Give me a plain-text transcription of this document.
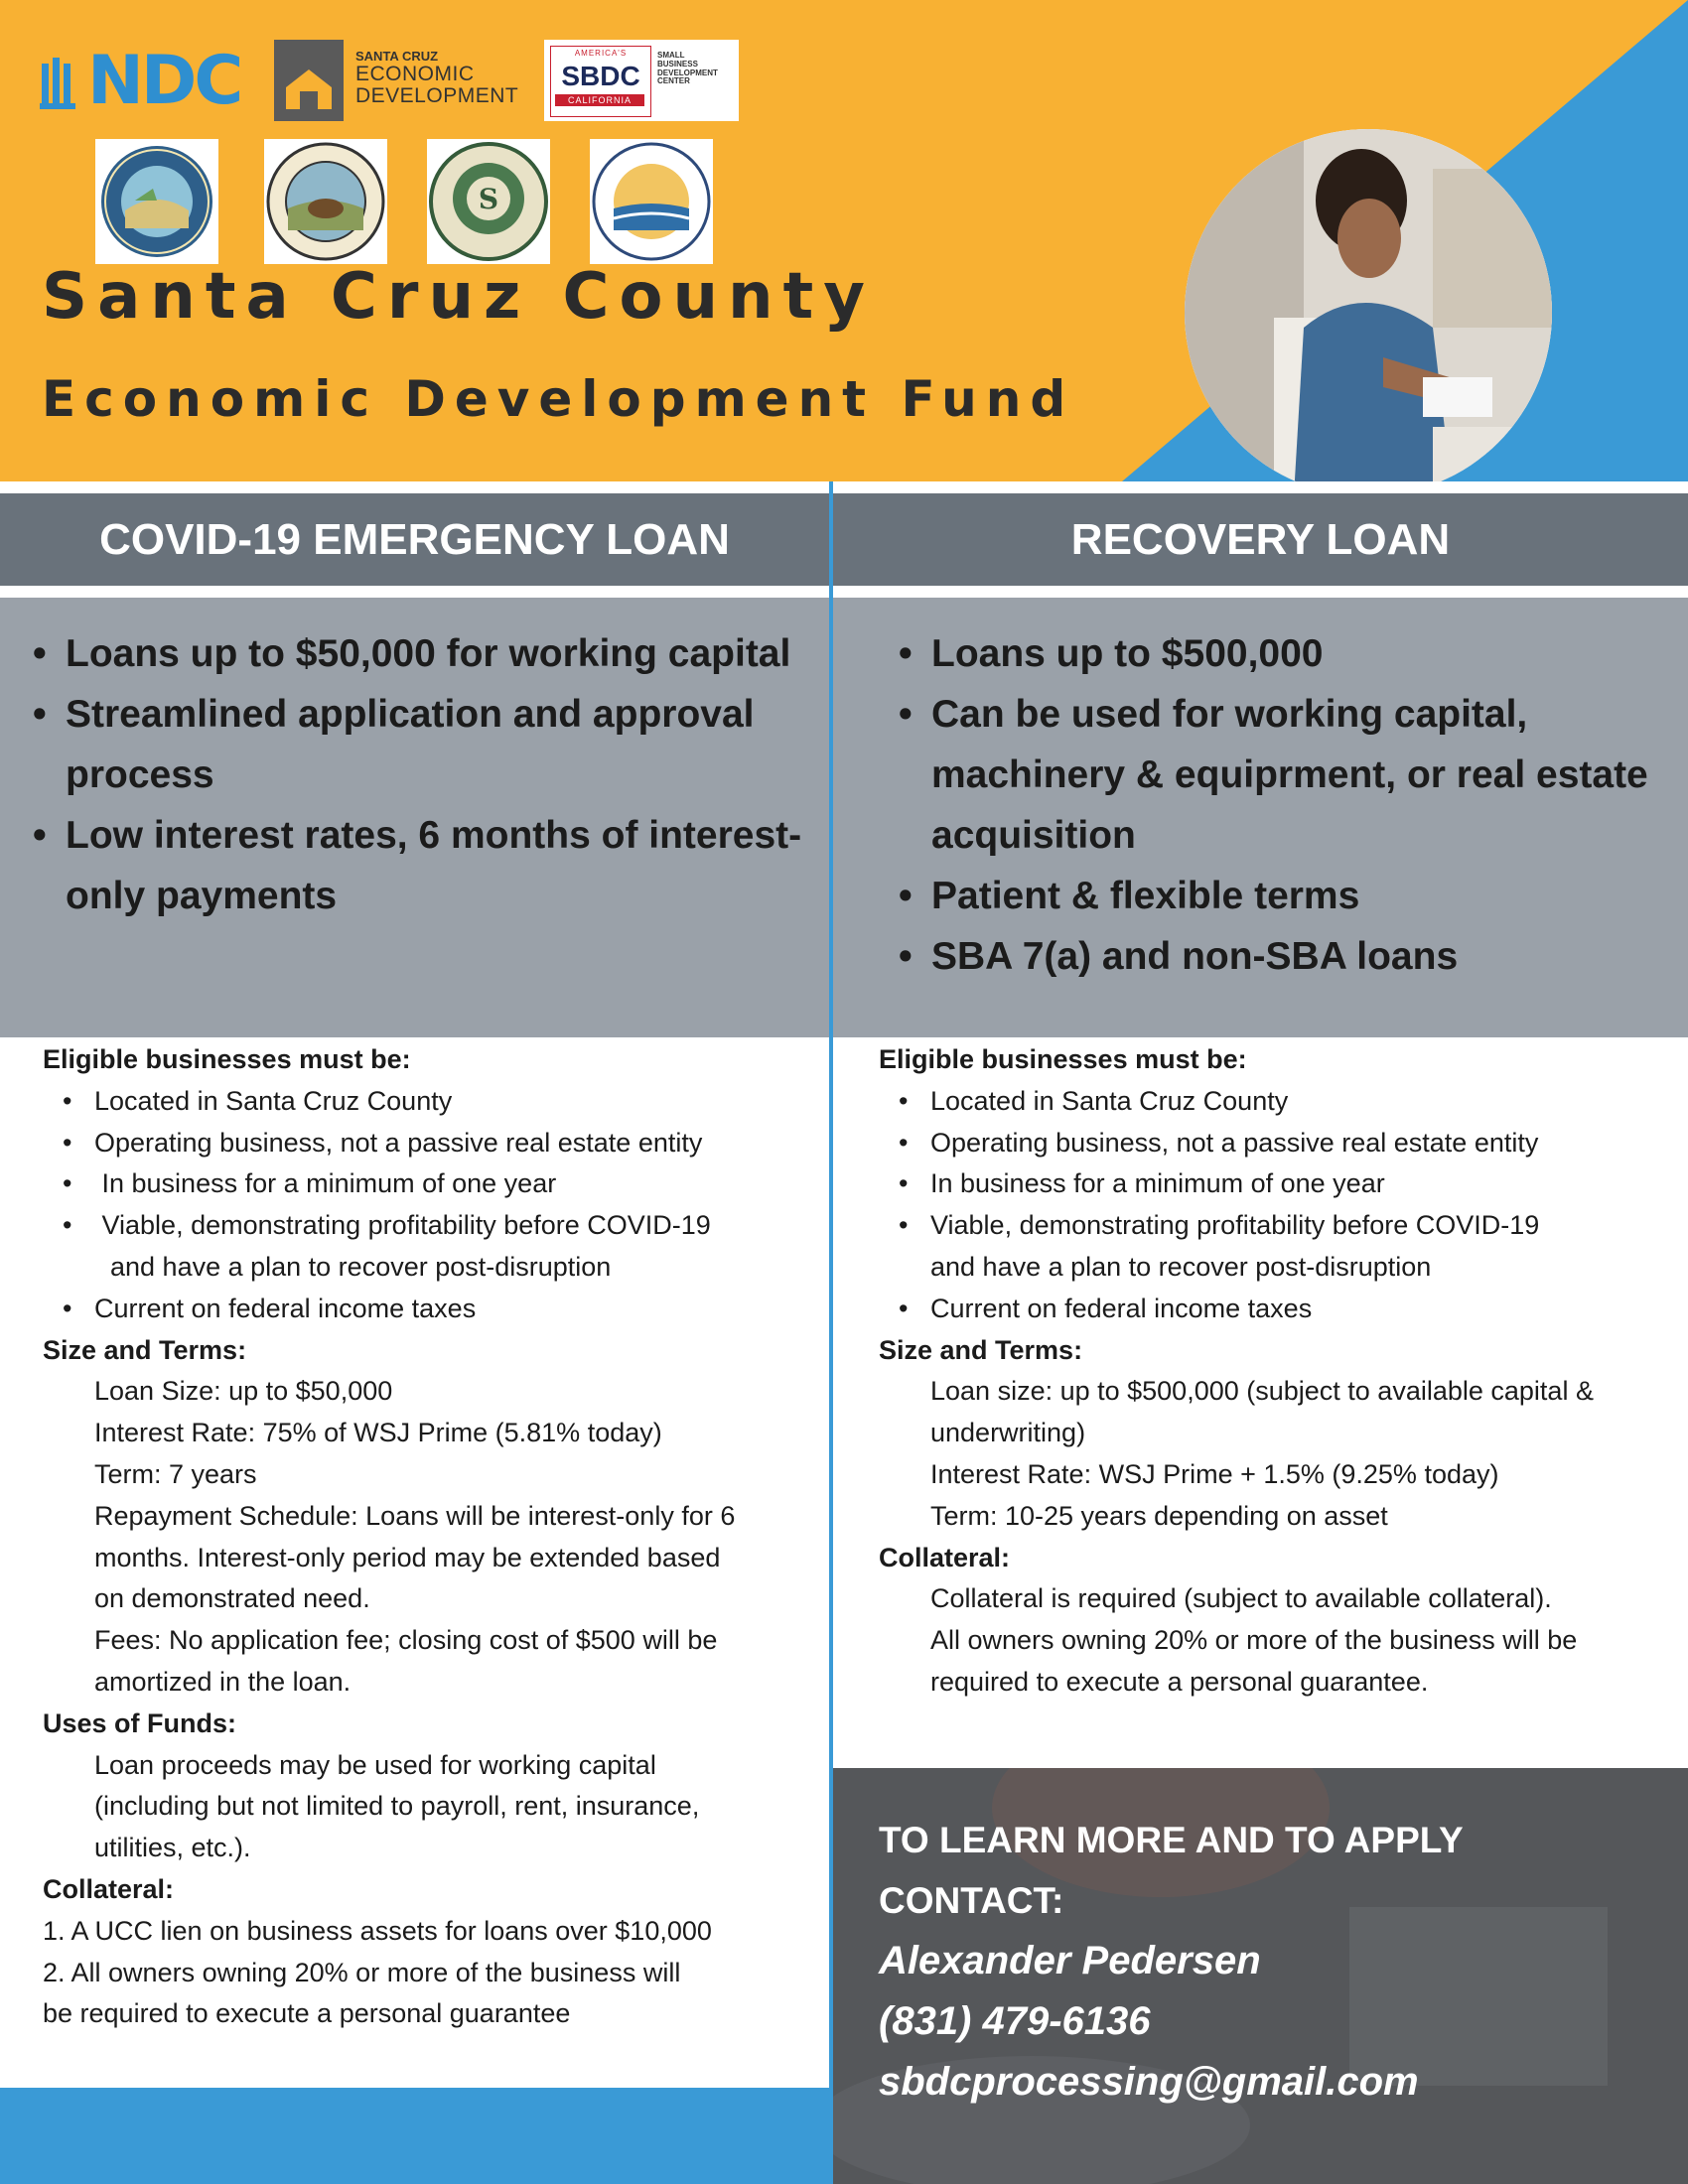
NDC	SANTA CRUZ
ECONOMIC
DEVELOPMENT
AMERICA'S
SBDC
CALIFORNIA
SMALL
BUSINESS
DEVELOPMENT
CENTER
S
Santa Cruz County
Economic Development Fund
COVID-19 EMERGENCY LOAN	RECOVERY LOAN
• Loans up to $50,000 for working capital
• Streamlined application and approval process
• Low interest rates, 6 months of interest-only payments
• Loans up to $500,000
• Can be used for working capital, machinery & equiprment, or real estate acquisition
• Patient & flexible terms
• SBA 7(a) and non-SBA loans
Eligible businesses must be:
• Located in Santa Cruz County
• Operating business, not a passive real estate entity
•  In business for a minimum of one year
•  Viable, demonstrating profitability before COVID-19
and have a plan to recover post-disruption
• Current on federal income taxes
Size and Terms:
Loan Size: up to $50,000
Interest Rate: 75% of WSJ Prime (5.81% today)
Term: 7 years
Repayment Schedule: Loans will be interest-only for 6
months. Interest-only period may be extended based
on demonstrated need.
Fees: No application fee; closing cost of $500 will be
amortized in the loan.
Uses of Funds:
Loan proceeds may be used for working capital
(including but not limited to payroll, rent, insurance,
utilities, etc.).
Collateral:
1. A UCC lien on business assets for loans over $10,000
2. All owners owning 20% or more of the business will
be required to execute a personal guarantee
Eligible businesses must be:
• Located in Santa Cruz County
• Operating business, not a passive real estate entity
• In business for a minimum of one year
• Viable, demonstrating profitability before COVID-19
and have a plan to recover post-disruption
• Current on federal income taxes
Size and Terms:
Loan size: up to $500,000 (subject to available capital &
underwriting)
Interest Rate: WSJ Prime + 1.5% (9.25% today)
Term: 10-25 years depending on asset
Collateral:
Collateral is required (subject to available collateral).
All owners owning 20% or more of the business will be
required to execute a personal guarantee.
TO LEARN MORE AND TO APPLY
CONTACT:
Alexander Pedersen
(831) 479-6136
sbdcprocessing@gmail.com
